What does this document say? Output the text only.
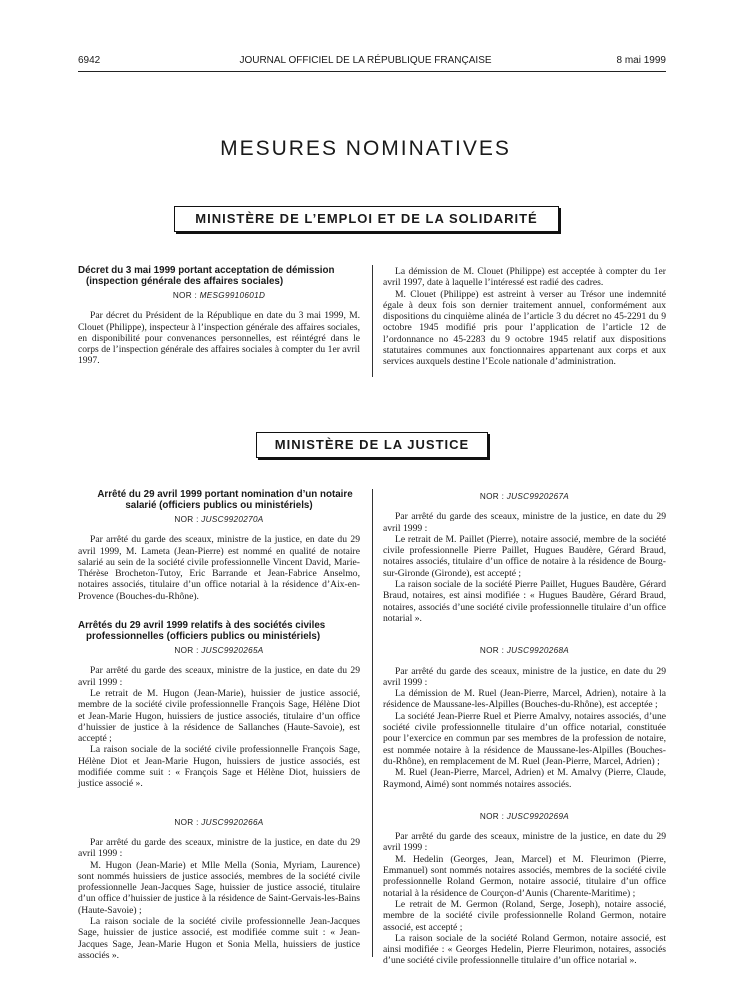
6942	JOURNAL OFFICIEL DE LA RÉPUBLIQUE FRANÇAISE	8 mai 1999
MESURES NOMINATIVES
MINISTÈRE DE L’EMPLOI ET DE LA SOLIDARITÉ

Décret du 3 mai 1999 portant acceptation de démission (inspection générale des affaires sociales)

NOR : MESG9910601D

Par décret du Président de la République en date du 3 mai 1999, M. Clouet (Philippe), inspecteur à l’inspection générale des affaires sociales, en disponibilité pour convenances personnelles, est réintégré dans le corps de l’inspection générale des affaires sociales à compter du 1er avril 1997.

La démission de M. Clouet (Philippe) est acceptée à compter du 1er avril 1997, date à laquelle l’intéressé est radié des cadres.

M. Clouet (Philippe) est astreint à verser au Trésor une indemnité égale à deux fois son dernier traitement annuel, conformément aux dispositions du cinquième alinéa de l’article 3 du décret no 45-2291 du 9 octobre 1945 modifié pris pour l’application de l’article 12 de l’ordonnance no 45-2283 du 9 octobre 1945 relatif aux dispositions statutaires communes aux fonctionnaires appartenant aux corps et aux services auxquels destine l’Ecole nationale d’administration.

MINISTÈRE DE LA JUSTICE

Arrêté du 29 avril 1999 portant nomination d’un notaire salarié (officiers publics ou ministériels)

NOR : JUSC9920270A

Par arrêté du garde des sceaux, ministre de la justice, en date du 29 avril 1999, M. Lameta (Jean-Pierre) est nommé en qualité de notaire salarié au sein de la société civile professionnelle Vincent David, Marie-Thérèse Brocheton-Tutoy, Eric Barrande et Jean-Fabrice Anselmo, notaires associés, titulaire d’un office notarial à la résidence d’Aix-en-Provence (Bouches-du-Rhône).

Arrêtés du 29 avril 1999 relatifs à des sociétés civiles professionnelles (officiers publics ou ministériels)

NOR : JUSC9920265A

Par arrêté du garde des sceaux, ministre de la justice, en date du 29 avril 1999 :

Le retrait de M. Hugon (Jean-Marie), huissier de justice associé, membre de la société civile professionnelle François Sage, Hélène Diot et Jean-Marie Hugon, huissiers de justice associés, titulaire d’un office d’huissier de justice à la résidence de Sallanches (Haute-Savoie), est accepté ;

La raison sociale de la société civile professionnelle François Sage, Hélène Diot et Jean-Marie Hugon, huissiers de justice associés, est modifiée comme suit : « François Sage et Hélène Diot, huissiers de justice associé ».

NOR : JUSC9920266A

Par arrêté du garde des sceaux, ministre de la justice, en date du 29 avril 1999 :

M. Hugon (Jean-Marie) et Mlle Mella (Sonia, Myriam, Laurence) sont nommés huissiers de justice associés, membres de la société civile professionnelle Jean-Jacques Sage, huissier de justice associé, titulaire d’un office d’huissier de justice à la résidence de Saint-Gervais-les-Bains (Haute-Savoie) ;

La raison sociale de la société civile professionnelle Jean-Jacques Sage, huissier de justice associé, est modifiée comme suit : « Jean-Jacques Sage, Jean-Marie Hugon et Sonia Mella, huissiers de justice associés ».

NOR : JUSC9920267A

Par arrêté du garde des sceaux, ministre de la justice, en date du 29 avril 1999 :

Le retrait de M. Paillet (Pierre), notaire associé, membre de la société civile professionnelle Pierre Paillet, Hugues Baudère, Gérard Braud, notaires associés, titulaire d’un office de notaire à la résidence de Bourg-sur-Gironde (Gironde), est accepté ;

La raison sociale de la société Pierre Paillet, Hugues Baudère, Gérard Braud, notaires, est ainsi modifiée : « Hugues Baudère, Gérard Braud, notaires, associés d’une société civile professionnelle titulaire d’un office notarial ».

NOR : JUSC9920268A

Par arrêté du garde des sceaux, ministre de la justice, en date du 29 avril 1999 :

La démission de M. Ruel (Jean-Pierre, Marcel, Adrien), notaire à la résidence de Maussane-les-Alpilles (Bouches-du-Rhône), est acceptée ;

La société Jean-Pierre Ruel et Pierre Amalvy, notaires associés, d’une société civile professionnelle titulaire d’un office notarial, constituée pour l’exercice en commun par ses membres de la profession de notaire, est nommée notaire à la résidence de Maussane-les-Alpilles (Bouches-du-Rhône), en remplacement de M. Ruel (Jean-Pierre, Marcel, Adrien) ;

M. Ruel (Jean-Pierre, Marcel, Adrien) et M. Amalvy (Pierre, Claude, Raymond, Aimé) sont nommés notaires associés.

NOR : JUSC9920269A

Par arrêté du garde des sceaux, ministre de la justice, en date du 29 avril 1999 :

M. Hedelin (Georges, Jean, Marcel) et M. Fleurimon (Pierre, Emmanuel) sont nommés notaires associés, membres de la société civile professionnelle Roland Germon, notaire associé, titulaire d’un office notarial à la résidence de Courçon-d’Aunis (Charente-Maritime) ;

Le retrait de M. Germon (Roland, Serge, Joseph), notaire associé, membre de la société civile professionnelle Roland Germon, notaire associé, est accepté ;

La raison sociale de la société Roland Germon, notaire associé, est ainsi modifiée : « Georges Hedelin, Pierre Fleurimon, notaires, associés d’une société civile professionnelle titulaire d’un office notarial ».
